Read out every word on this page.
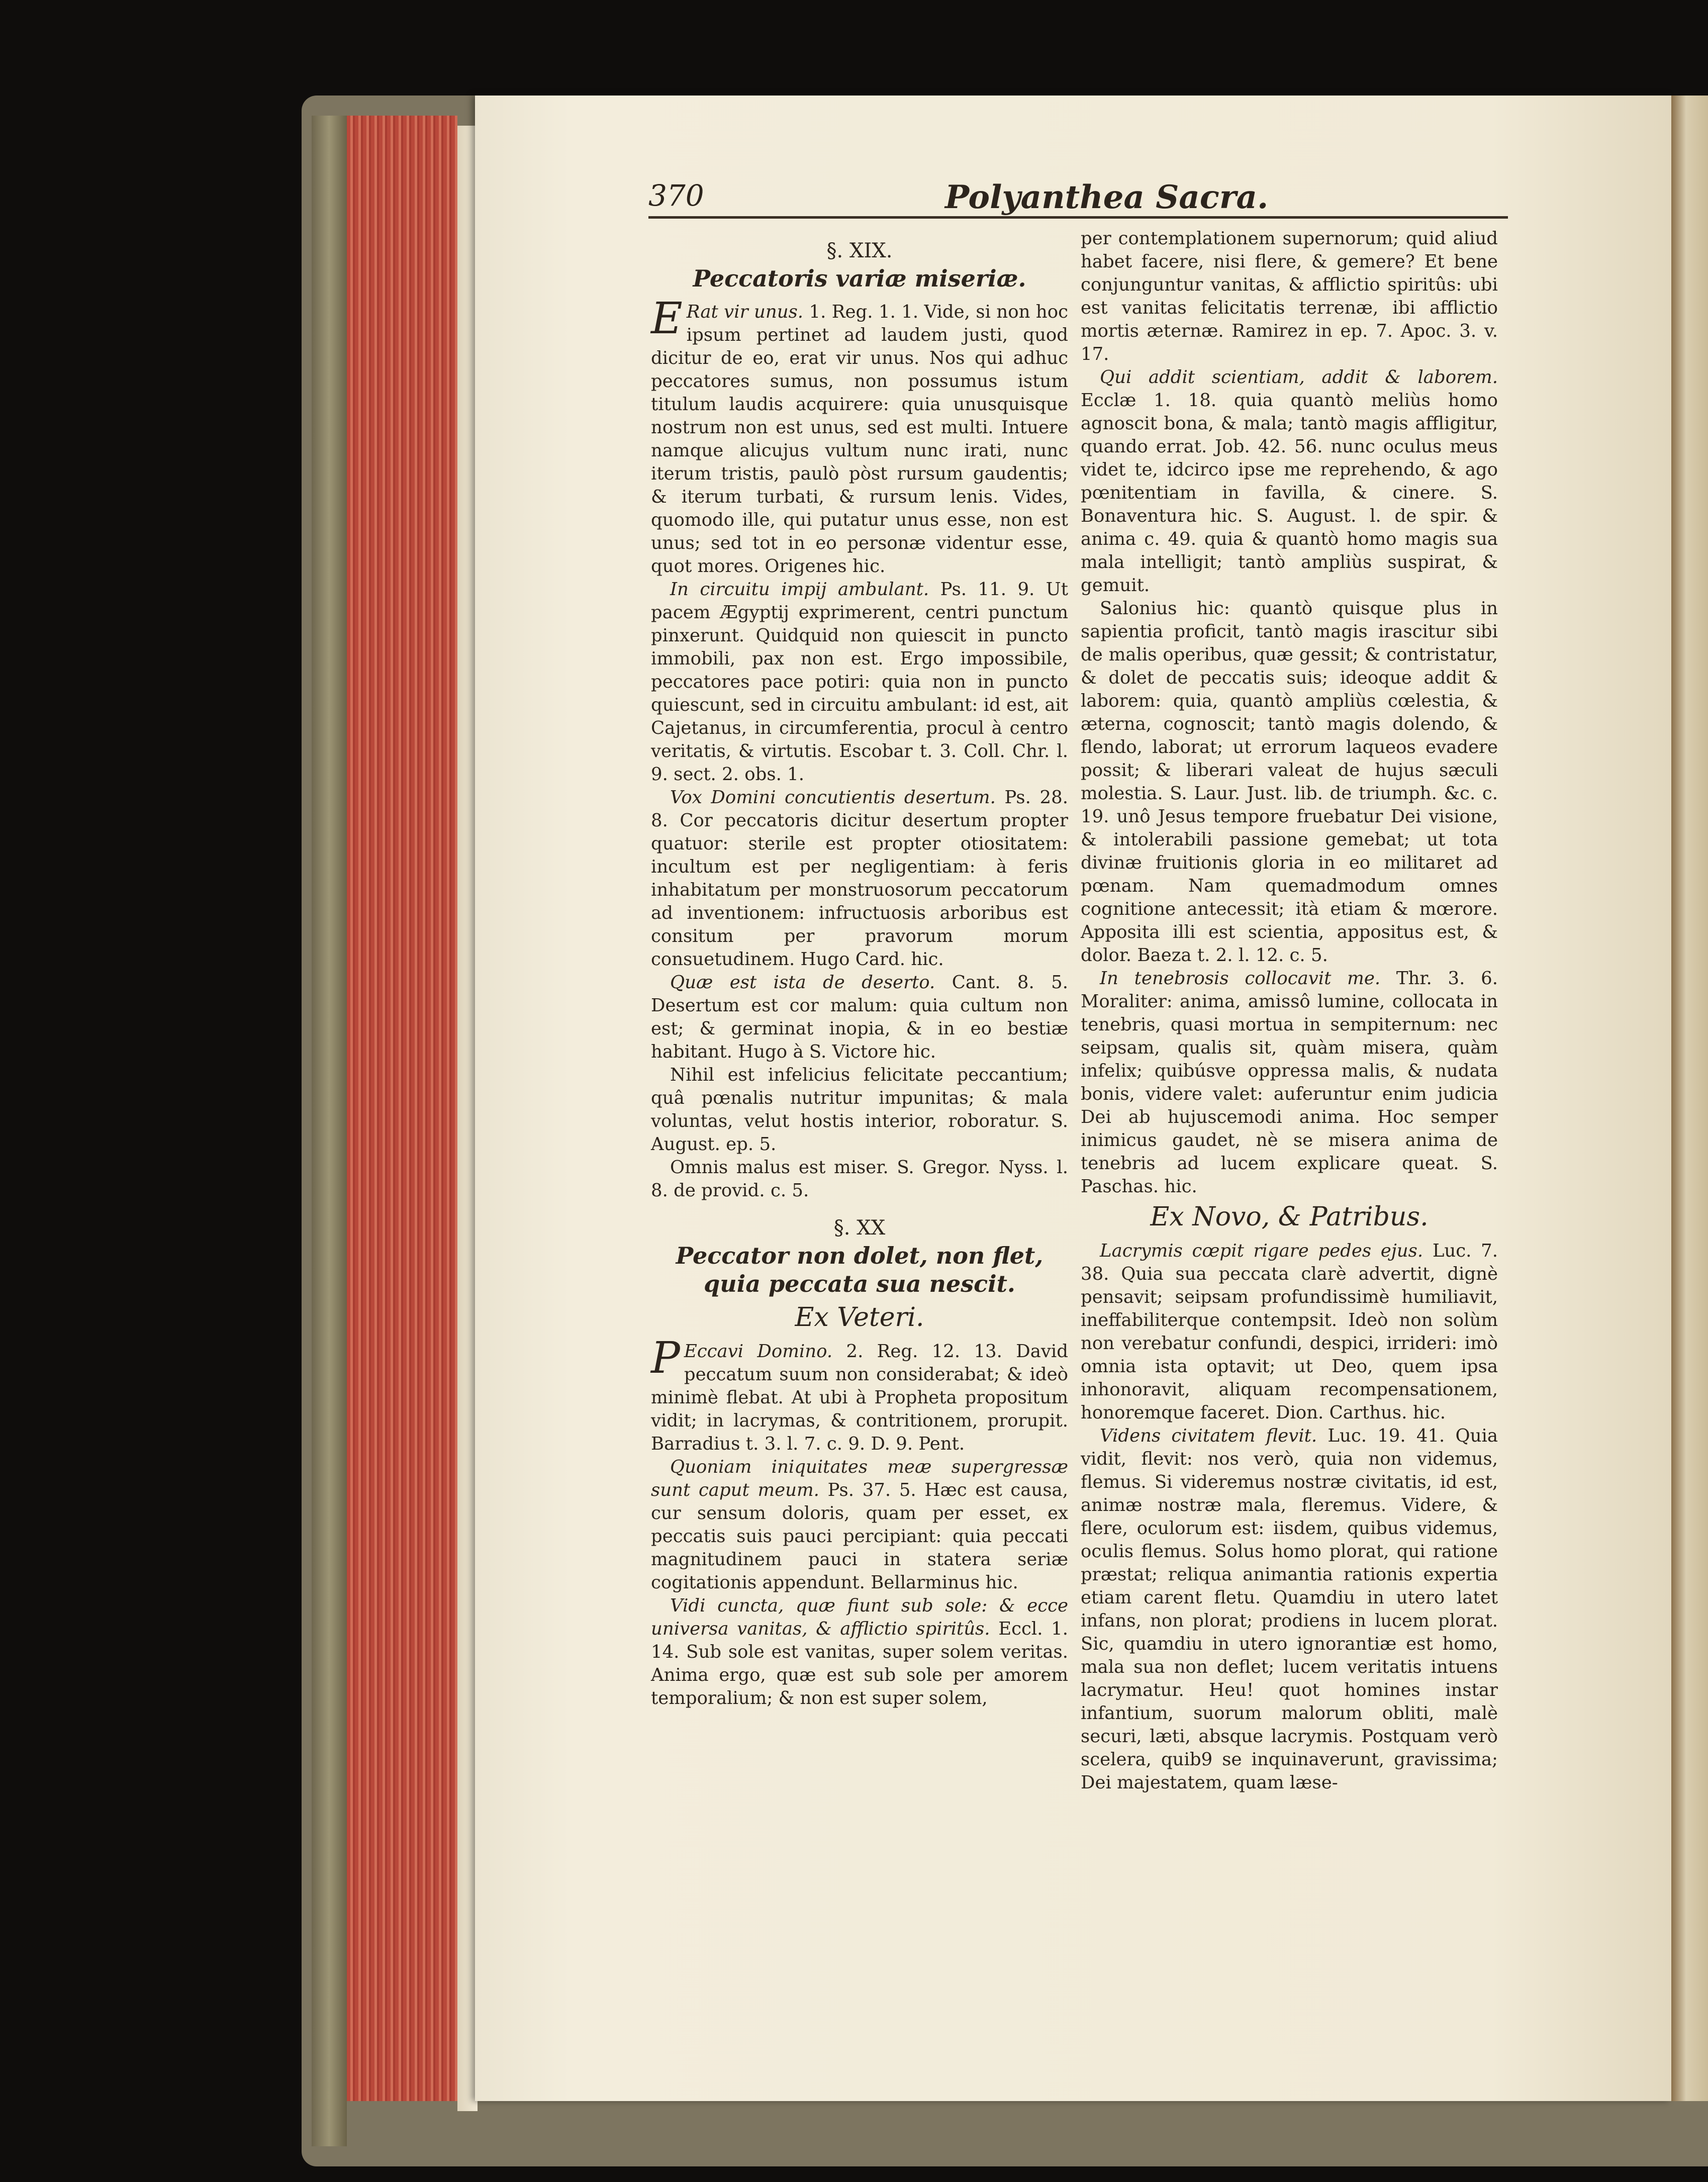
370	Polyanthea Sacra.
§. XIX.
Peccatoris variæ miseriæ.

E Rat vir unus. 1. Reg. 1. 1. Vide, si non hoc ipsum pertinet ad laudem justi, quod dicitur de eo, erat vir unus. Nos qui adhuc peccatores sumus, non possumus istum titulum laudis acquirere: quia unusquisque nostrum non est unus, sed est multi. Intuere namque alicujus vultum nunc irati, nunc iterum tristis, paulò pòst rursum gaudentis; & iterum turbati, & rursum lenis. Vides, quomodo ille, qui putatur unus esse, non est unus; sed tot in eo personæ videntur esse, quot mores. Origenes hic.

In circuitu impij ambulant. Ps. 11. 9. Ut pacem Ægyptij exprimerent, centri punctum pinxerunt. Quidquid non quiescit in puncto immobili, pax non est. Ergo impossibile, peccatores pace potiri: quia non in puncto quiescunt, sed in circuitu ambulant: id est, ait Cajetanus, in circumferentia, procul à centro veritatis, & virtutis. Escobar t. 3. Coll. Chr. l. 9. sect. 2. obs. 1.

Vox Domini concutientis desertum. Ps. 28. 8. Cor peccatoris dicitur desertum propter quatuor: sterile est propter otiositatem: incultum est per negligentiam: à feris inhabitatum per monstruosorum peccatorum ad inventionem: infructuosis arboribus est consitum per pravorum morum consuetudinem. Hugo Card. hic.

Quæ est ista de deserto. Cant. 8. 5. Desertum est cor malum: quia cultum non est; & germinat inopia, & in eo bestiæ habitant. Hugo à S. Victore hic.

Nihil est infelicius felicitate peccantium; quâ pœnalis nutritur impunitas; & mala voluntas, velut hostis interior, roboratur. S. August. ep. 5.

Omnis malus est miser. S. Gregor. Nyss. l. 8. de provid. c. 5.

§. XX
Peccator non dolet, non flet, quia peccata sua nescit.
Ex Veteri.

P Eccavi Domino. 2. Reg. 12. 13. David peccatum suum non considerabat; & ideò minimè flebat. At ubi à Propheta propositum vidit; in lacrymas, & contritionem, prorupit. Barradius t. 3. l. 7. c. 9. D. 9. Pent.

Quoniam iniquitates meæ supergressæ sunt caput meum. Ps. 37. 5. Hæc est causa, cur sensum doloris, quam per esset, ex peccatis suis pauci percipiant: quia peccati magnitudinem pauci in statera seriæ cogitationis appendunt. Bellarminus hic.

Vidi cuncta, quæ fiunt sub sole: & ecce universa vanitas, & afflictio spiritûs. Eccl. 1. 14. Sub sole est vanitas, super solem veritas. Anima ergo, quæ est sub sole per amorem temporalium; & non est super solem,

per contemplationem supernorum; quid aliud habet facere, nisi flere, & gemere? Et bene conjunguntur vanitas, & afflictio spiritûs: ubi est vanitas felicitatis terrenæ, ibi afflictio mortis æternæ. Ramirez in ep. 7. Apoc. 3. v. 17.

Qui addit scientiam, addit & laborem. Ecclæ 1. 18. quia quantò meliùs homo agnoscit bona, & mala; tantò magis affligitur, quando errat. Job. 42. 56. nunc oculus meus videt te, idcirco ipse me reprehendo, & ago pœnitentiam in favilla, & cinere. S. Bonaventura hic. S. August. l. de spir. & anima c. 49. quia & quantò homo magis sua mala intelligit; tantò ampliùs suspirat, & gemuit.

Salonius hic: quantò quisque plus in sapientia proficit, tantò magis irascitur sibi de malis operibus, quæ gessit; & contristatur, & dolet de peccatis suis; ideoque addit & laborem: quia, quantò ampliùs cœlestia, & æterna, cognoscit; tantò magis dolendo, & flendo, laborat; ut errorum laqueos evadere possit; & liberari valeat de hujus sæculi molestia. S. Laur. Just. lib. de triumph. &c. c. 19. unô Jesus tempore fruebatur Dei visione, & intolerabili passione gemebat; ut tota divinæ fruitionis gloria in eo militaret ad pœnam. Nam quemadmodum omnes cognitione antecessit; ità etiam & mœrore. Apposita illi est scientia, appositus est, & dolor. Baeza t. 2. l. 12. c. 5.

In tenebrosis collocavit me. Thr. 3. 6. Moraliter: anima, amissô lumine, collocata in tenebris, quasi mortua in sempiternum: nec seipsam, qualis sit, quàm misera, quàm infelix; quibúsve oppressa malis, & nudata bonis, videre valet: auferuntur enim judicia Dei ab hujuscemodi anima. Hoc semper inimicus gaudet, nè se misera anima de tenebris ad lucem explicare queat. S. Paschas. hic.

Ex Novo, & Patribus.

Lacrymis cœpit rigare pedes ejus. Luc. 7. 38. Quia sua peccata clarè advertit, dignè pensavit; seipsam profundissimè humiliavit, ineffabiliterque contempsit. Ideò non solùm non verebatur confundi, despici, irrideri: imò omnia ista optavit; ut Deo, quem ipsa inhonoravit, aliquam recompensationem, honoremque faceret. Dion. Carthus. hic.

Videns civitatem flevit. Luc. 19. 41. Quia vidit, flevit: nos verò, quia non videmus, flemus. Si videremus nostræ civitatis, id est, animæ nostræ mala, fleremus. Videre, & flere, oculorum est: iisdem, quibus videmus, oculis flemus. Solus homo plorat, qui ratione præstat; reliqua animantia rationis expertia etiam carent fletu. Quamdiu in utero latet infans, non plorat; prodiens in lucem plorat. Sic, quamdiu in utero ignorantiæ est homo, mala sua non deflet; lucem veritatis intuens lacrymatur. Heu! quot homines instar infantium, suorum malorum obliti, malè securi, læti, absque lacrymis. Postquam verò scelera, quib9 se inquinaverunt, gravissima; Dei majestatem, quam læse-
